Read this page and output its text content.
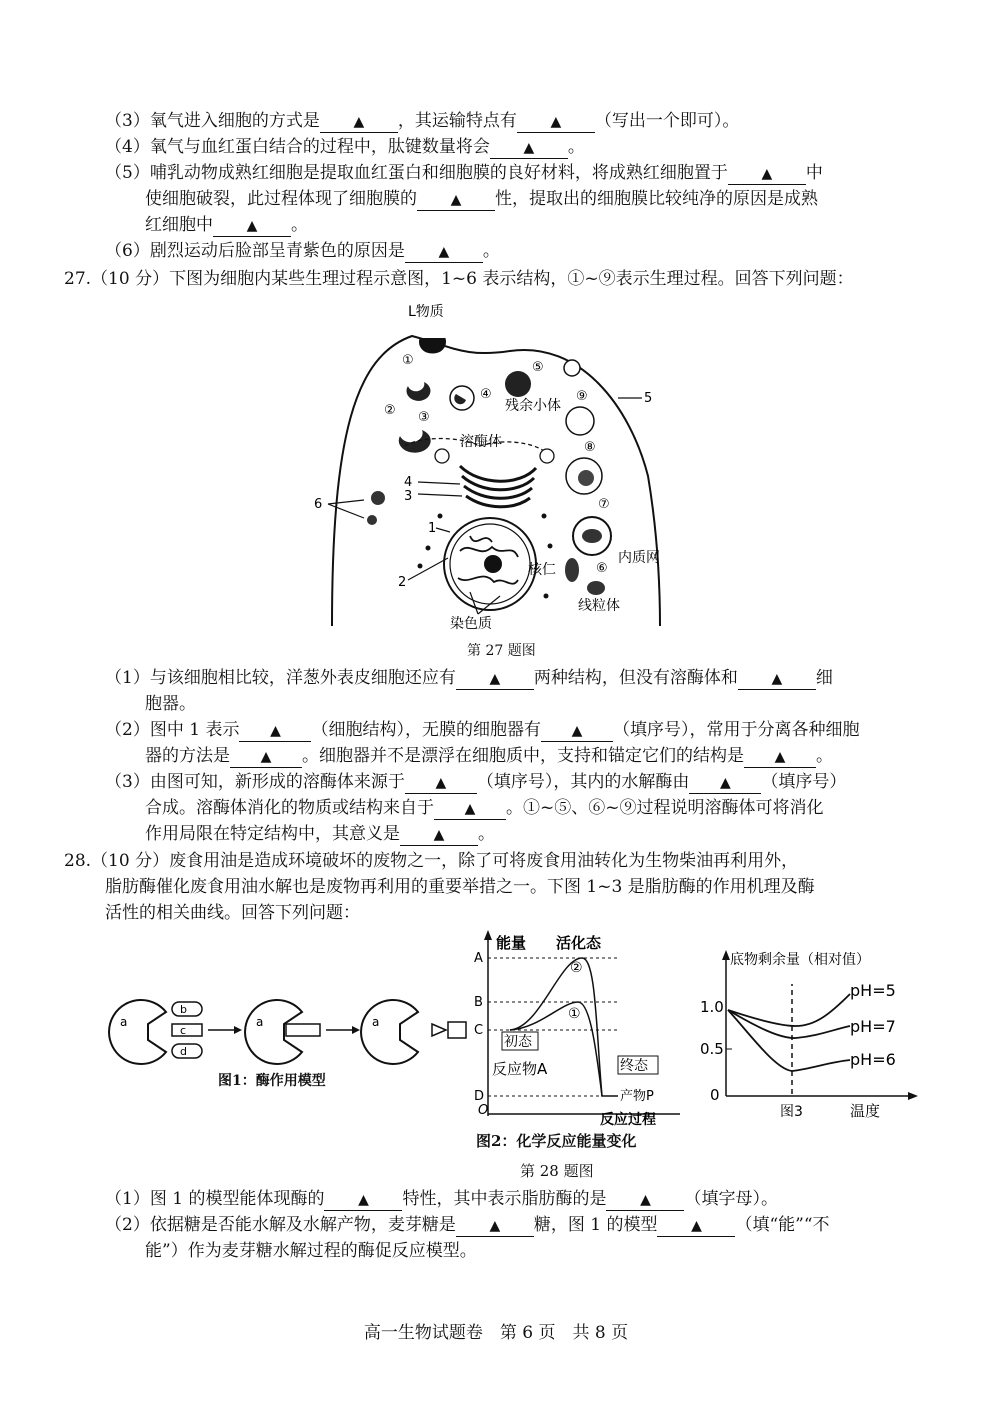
（3）氧气进入细胞的方式是 ▲ ，其运输特点有 ▲ （写出一个即可）。
（4）氧气与血红蛋白结合的过程中，肽键数量将会 ▲ 。
（5）哺乳动物成熟红细胞是提取血红蛋白和细胞膜的良好材料，将成熟红细胞置于 ▲ 中
使细胞破裂，此过程体现了细胞膜的 ▲ 性，提取出的细胞膜比较纯净的原因是成熟
红细胞中 ▲ 。
（6）剧烈运动后脸部呈青紫色的原因是 ▲ 。
27.（10 分）下图为细胞内某些生理过程示意图，1~6 表示结构，①~⑨表示生理过程。回答下列问题：
L物质
①
② ③
④
⑤
残余小体
⑨
⑧
⑦
⑥
溶酶体
4
3
核仁
1
2
6
5
内质网
线粒体
染色质
第 27 题图
（1）与该细胞相比较，洋葱外表皮细胞还应有 ▲ 两种结构，但没有溶酶体和 ▲ 细
胞器。
（2）图中 1 表示 ▲ （细胞结构），无膜的细胞器有 ▲ （填序号），常用于分离各种细胞
器的方法是 ▲ 。细胞器并不是漂浮在细胞质中，支持和锚定它们的结构是 ▲ 。
（3）由图可知，新形成的溶酶体来源于 ▲ （填序号），其内的水解酶由 ▲ （填序号）
合成。溶酶体消化的物质或结构来自于 ▲ 。①~⑤、⑥~⑨过程说明溶酶体可将消化
作用局限在特定结构中，其意义是 ▲ 。
28.（10 分）废食用油是造成环境破坏的废物之一，除了可将废食用油转化为生物柴油再利用外，
脂肪酶催化废食用油水解也是废物再利用的重要举措之一。下图 1~3 是脂肪酶的作用机理及酶
活性的相关曲线。回答下列问题：
a
b
c
d
a	a
图1：酶作用模型
能量 活化态
A
B
C
D
O
②
①
初态
反应物A	终态
产物P
反应过程
图2：化学反应能量变化
底物剩余量（相对值）
1.0
0.5
0
pH=5
pH=7
pH=6
图3	温度
第 28 题图
（1）图 1 的模型能体现酶的 ▲ 特性，其中表示脂肪酶的是 ▲ （填字母）。
（2）依据糖是否能水解及水解产物，麦芽糖是 ▲ 糖，图 1 的模型 ▲ （填“能”“不
能”）作为麦芽糖水解过程的酶促反应模型。
高一生物试题卷　第 6 页　共 8 页
